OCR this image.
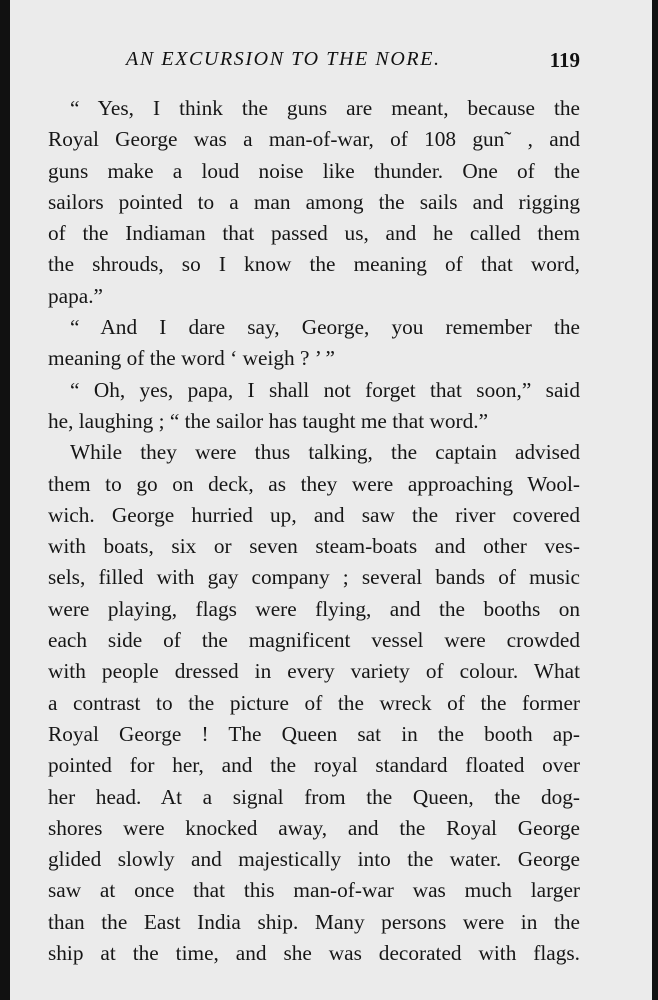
AN EXCURSION TO THE NORE.	119
“ Yes, I think the guns are meant, because the
Royal George was a man-of-war, of 108 gun˜ , and
guns make a loud noise like thunder. One of the
sailors pointed to a man among the sails and rigging
of the Indiaman that passed us, and he called them
the shrouds, so I know the meaning of that word,
papa.”
“ And I dare say, George, you remember the
meaning of the word ‘ weigh ? ’ ”
“ Oh, yes, papa, I shall not forget that soon,” said
he, laughing ; “ the sailor has taught me that word.”
While they were thus talking, the captain advised
them to go on deck, as they were approaching Wool-
wich. George hurried up, and saw the river covered
with boats, six or seven steam-boats and other ves-
sels, filled with gay company ; several bands of music
were playing, flags were flying, and the booths on
each side of the magnificent vessel were crowded
with people dressed in every variety of colour. What
a contrast to the picture of the wreck of the former
Royal George ! The Queen sat in the booth ap-
pointed for her, and the royal standard floated over
her head. At a signal from the Queen, the dog-
shores were knocked away, and the Royal George
glided slowly and majestically into the water. George
saw at once that this man-of-war was much larger
than the East India ship. Many persons were in the
ship at the time, and she was decorated with flags.
